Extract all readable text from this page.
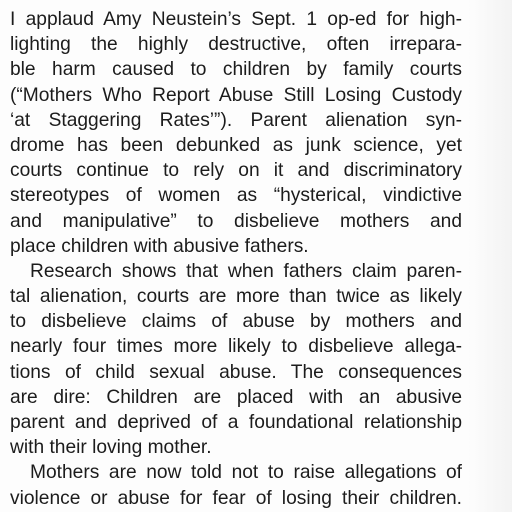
I applaud Amy Neustein’s Sept. 1 op-ed for high-
lighting the highly destructive, often irrepara-
ble harm caused to children by family courts
(“Mothers Who Report Abuse Still Losing Custody
‘at Staggering Rates’”). Parent alienation syn-
drome has been debunked as junk science, yet
courts continue to rely on it and discriminatory
stereotypes of women as “hysterical, vindictive
and manipulative” to disbelieve mothers and
place children with abusive fathers.
Research shows that when fathers claim paren-
tal alienation, courts are more than twice as likely
to disbelieve claims of abuse by mothers and
nearly four times more likely to disbelieve allega-
tions of child sexual abuse. The consequences
are dire: Children are placed with an abusive
parent and deprived of a foundational relationship
with their loving mother.
Mothers are now told not to raise allegations of
violence or abuse for fear of losing their children.
